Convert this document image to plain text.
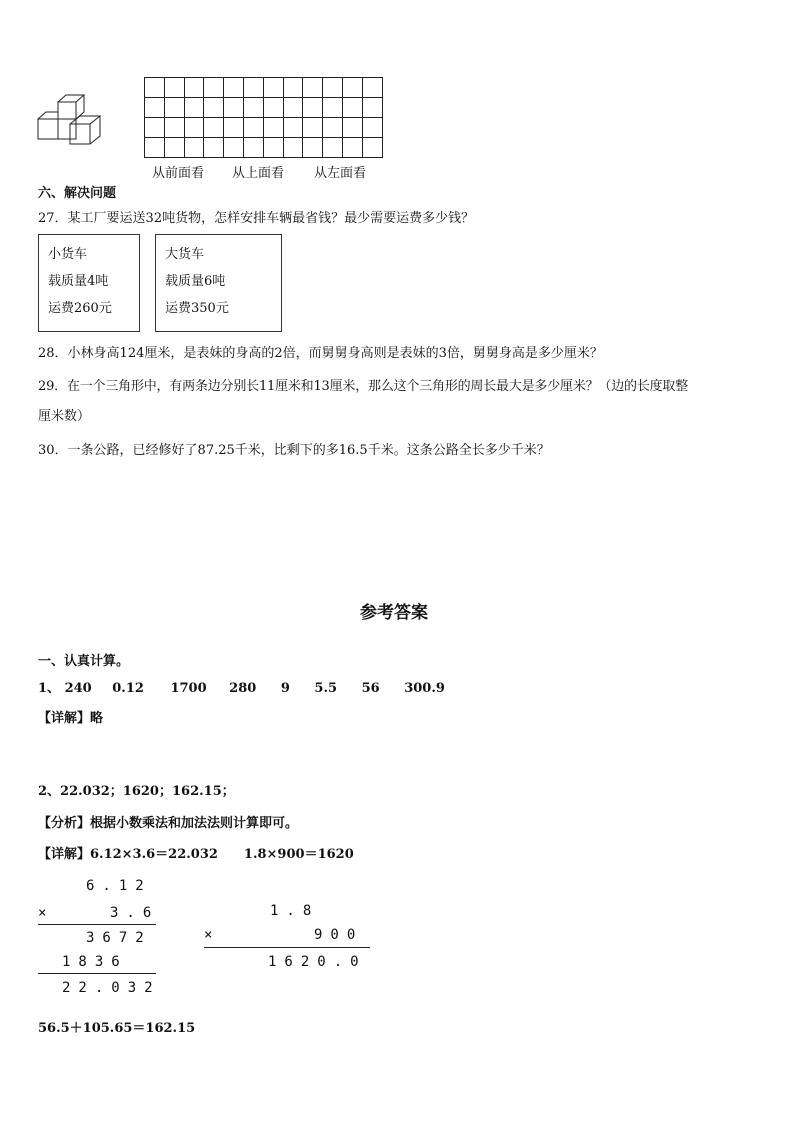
从前面看 从上面看 从左面看
六、解决问题
27．某工厂要运送32吨货物，怎样安排车辆最省钱？最少需要运费多少钱？
小货车
载质量4吨
运费260元
大货车
载质量6吨
运费350元
28．小林身高124厘米，是表妹的身高的2倍，而舅舅身高则是表妹的3倍，舅舅身高是多少厘米？
29．在一个三角形中，有两条边分别长11厘米和13厘米，那么这个三角形的周长最大是多少厘米？（边的长度取整
厘米数）
30．一条公路，已经修好了87.25千米，比剩下的多16.5千米。这条公路全长多少千米？
参考答案
一、认真计算。
1、 240 0.12 1700 280 9 5.5 56 300.9
【详解】略
2、22.032；1620；162.15；
【分析】根据小数乘法和加法法则计算即可。
【详解】6.12×3.6＝22.032　　1.8×900＝1620
6.12
×	3.6
3672
1836
22.032
1.8
×	900
1620.0
56.5＋105.65＝162.15
